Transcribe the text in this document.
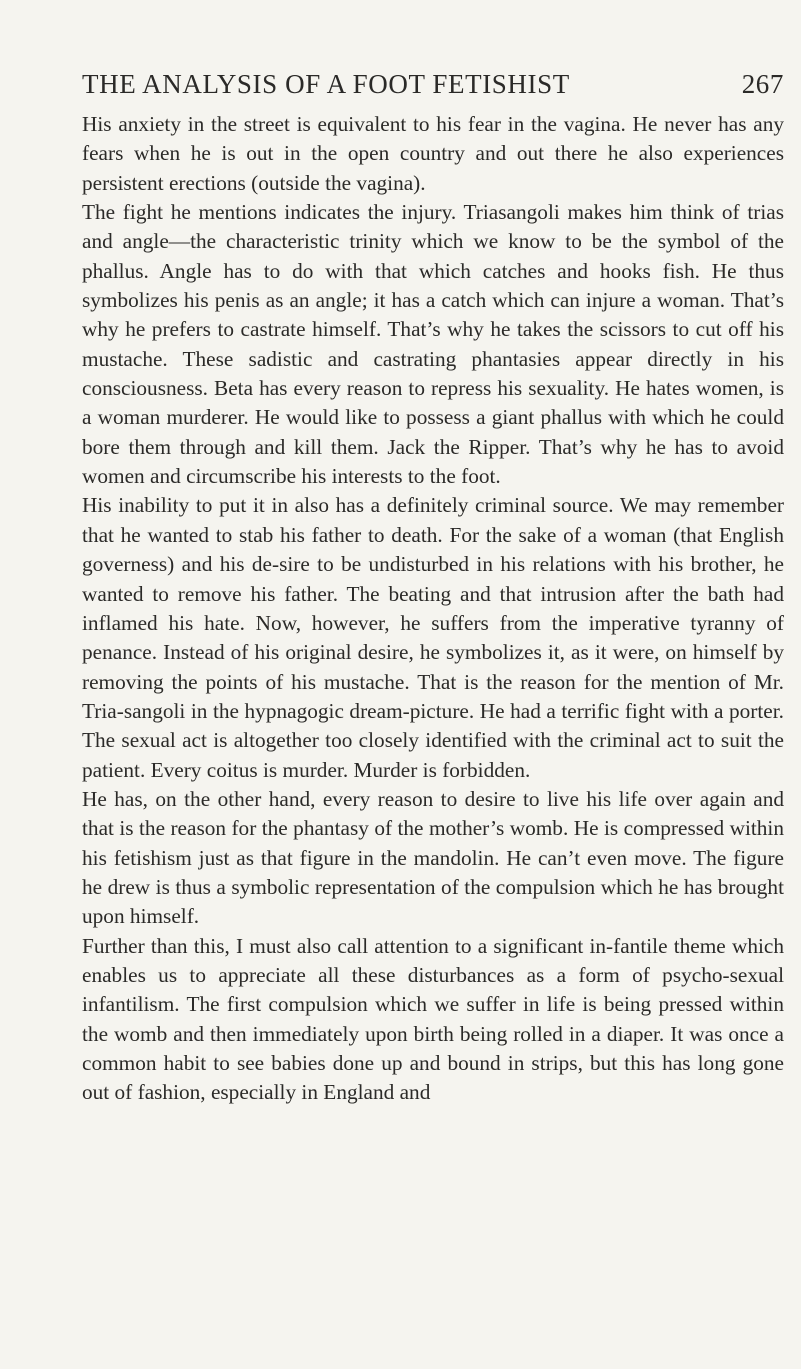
THE ANALYSIS OF A FOOT FETISHIST	267

His anxiety in the street is equivalent to his fear in the vagina. He never has any fears when he is out in the open country and out there he also experiences persistent erections (outside the vagina).

The fight he mentions indicates the injury. Triasangoli makes him think of trias and angle—the characteristic trinity which we know to be the symbol of the phallus. Angle has to do with that which catches and hooks fish. He thus symbolizes his penis as an angle; it has a catch which can injure a woman. That’s why he prefers to castrate himself. That’s why he takes the scissors to cut off his mustache. These sadistic and castrating phantasies appear directly in his consciousness. Beta has every reason to repress his sexuality. He hates women, is a woman murderer. He would like to possess a giant phallus with which he could bore them through and kill them. Jack the Ripper. That’s why he has to avoid women and circumscribe his interests to the foot.

His inability to put it in also has a definitely criminal source. We may remember that he wanted to stab his father to death. For the sake of a woman (that English governess) and his de-sire to be undisturbed in his relations with his brother, he wanted to remove his father. The beating and that intrusion after the bath had inflamed his hate. Now, however, he suffers from the imperative tyranny of penance. Instead of his original desire, he symbolizes it, as it were, on himself by removing the points of his mustache. That is the reason for the mention of Mr. Tria-sangoli in the hypnagogic dream-picture. He had a terrific fight with a porter. The sexual act is altogether too closely identified with the criminal act to suit the patient. Every coitus is murder. Murder is forbidden.

He has, on the other hand, every reason to desire to live his life over again and that is the reason for the phantasy of the mother’s womb. He is compressed within his fetishism just as that figure in the mandolin. He can’t even move. The figure he drew is thus a symbolic representation of the compulsion which he has brought upon himself.

Further than this, I must also call attention to a significant in-fantile theme which enables us to appreciate all these disturbances as a form of psycho-sexual infantilism. The first compulsion which we suffer in life is being pressed within the womb and then immediately upon birth being rolled in a diaper. It was once a common habit to see babies done up and bound in strips, but this has long gone out of fashion, especially in England and
